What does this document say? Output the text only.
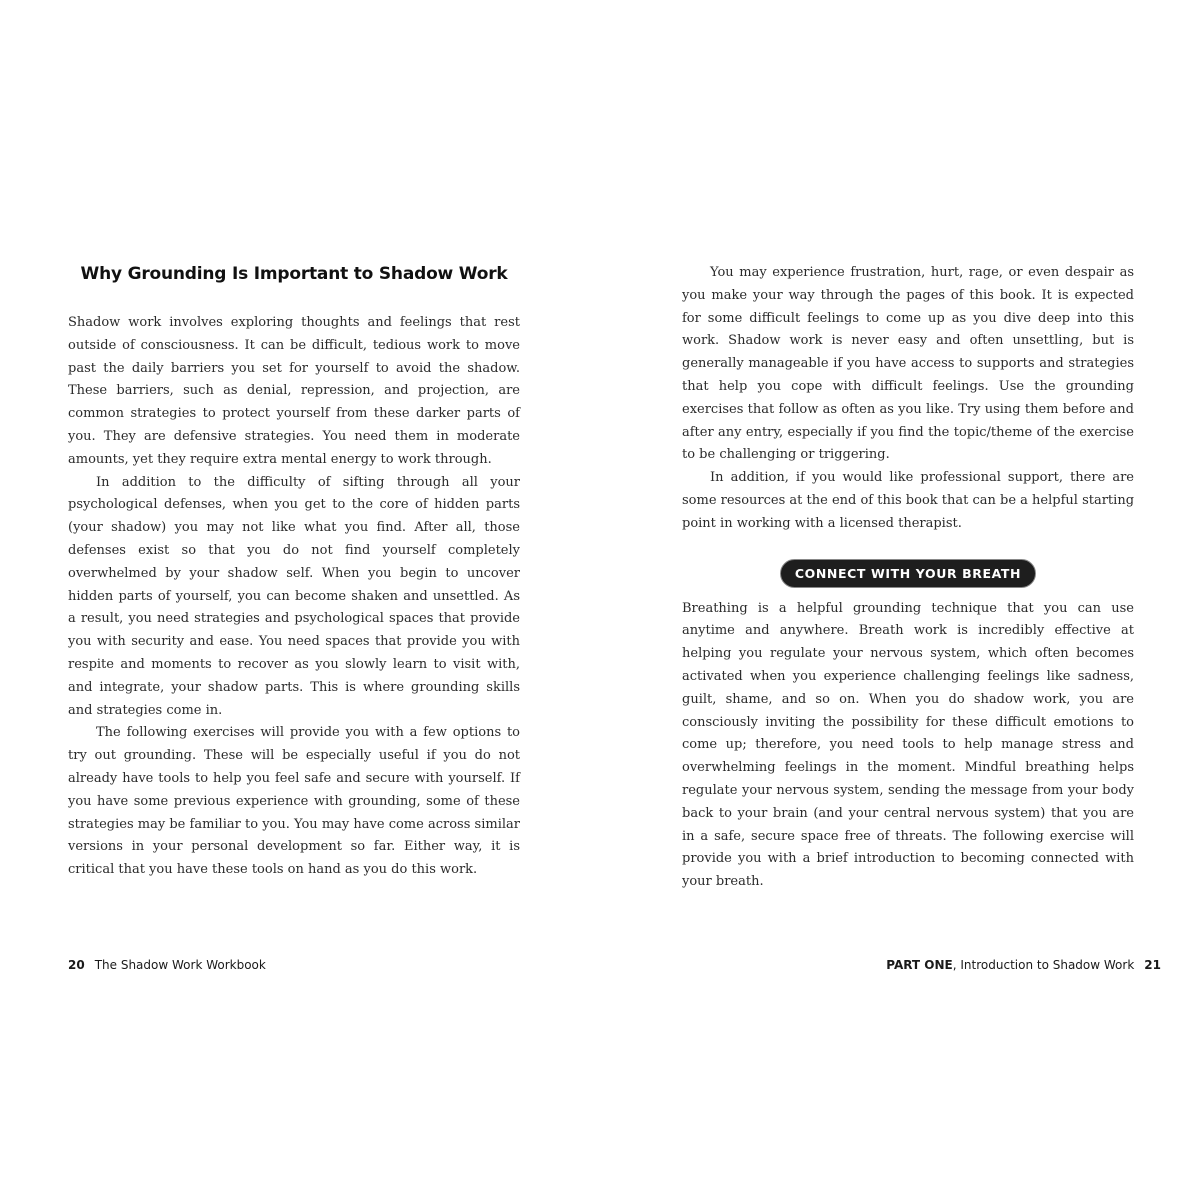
Why Grounding Is Important to Shadow Work

Shadow work involves exploring thoughts and feelings that rest outside of consciousness. It can be difficult, tedious work to move past the daily barriers you set for yourself to avoid the shadow. These barriers, such as denial, repression, and projection, are common strategies to protect yourself from these darker parts of you. They are defensive strategies. You need them in moderate amounts, yet they require extra mental energy to work through.

In addition to the difficulty of sifting through all your psychological defenses, when you get to the core of hidden parts (your shadow) you may not like what you find. After all, those defenses exist so that you do not find yourself completely overwhelmed by your shadow self. When you begin to uncover hidden parts of yourself, you can become shaken and unsettled. As a result, you need strategies and psychological spaces that provide you with security and ease. You need spaces that provide you with respite and moments to recover as you slowly learn to visit with, and integrate, your shadow parts. This is where grounding skills and strategies come in.

The following exercises will provide you with a few options to try out grounding. These will be especially useful if you do not already have tools to help you feel safe and secure with yourself. If you have some previous experience with grounding, some of these strategies may be familiar to you. You may have come across similar versions in your personal development so far. Either way, it is critical that you have these tools on hand as you do this work.

20 The Shadow Work Workbook

You may experience frustration, hurt, rage, or even despair as you make your way through the pages of this book. It is expected for some difficult feelings to come up as you dive deep into this work. Shadow work is never easy and often unsettling, but is generally manageable if you have access to supports and strategies that help you cope with difficult feelings. Use the grounding exercises that follow as often as you like. Try using them before and after any entry, especially if you find the topic/theme of the exercise to be challenging or triggering.

In addition, if you would like professional support, there are some resources at the end of this book that can be a helpful starting point in working with a licensed therapist.

CONNECT WITH YOUR BREATH

Breathing is a helpful grounding technique that you can use anytime and anywhere. Breath work is incredibly effective at helping you regulate your nervous system, which often becomes activated when you experience challenging feelings like sadness, guilt, shame, and so on. When you do shadow work, you are consciously inviting the possibility for these difficult emotions to come up; therefore, you need tools to help manage stress and overwhelming feelings in the moment. Mindful breathing helps regulate your nervous system, sending the message from your body back to your brain (and your central nervous system) that you are in a safe, secure space free of threats. The following exercise will provide you with a brief introduction to becoming connected with your breath.

PART ONE, Introduction to Shadow Work 21
